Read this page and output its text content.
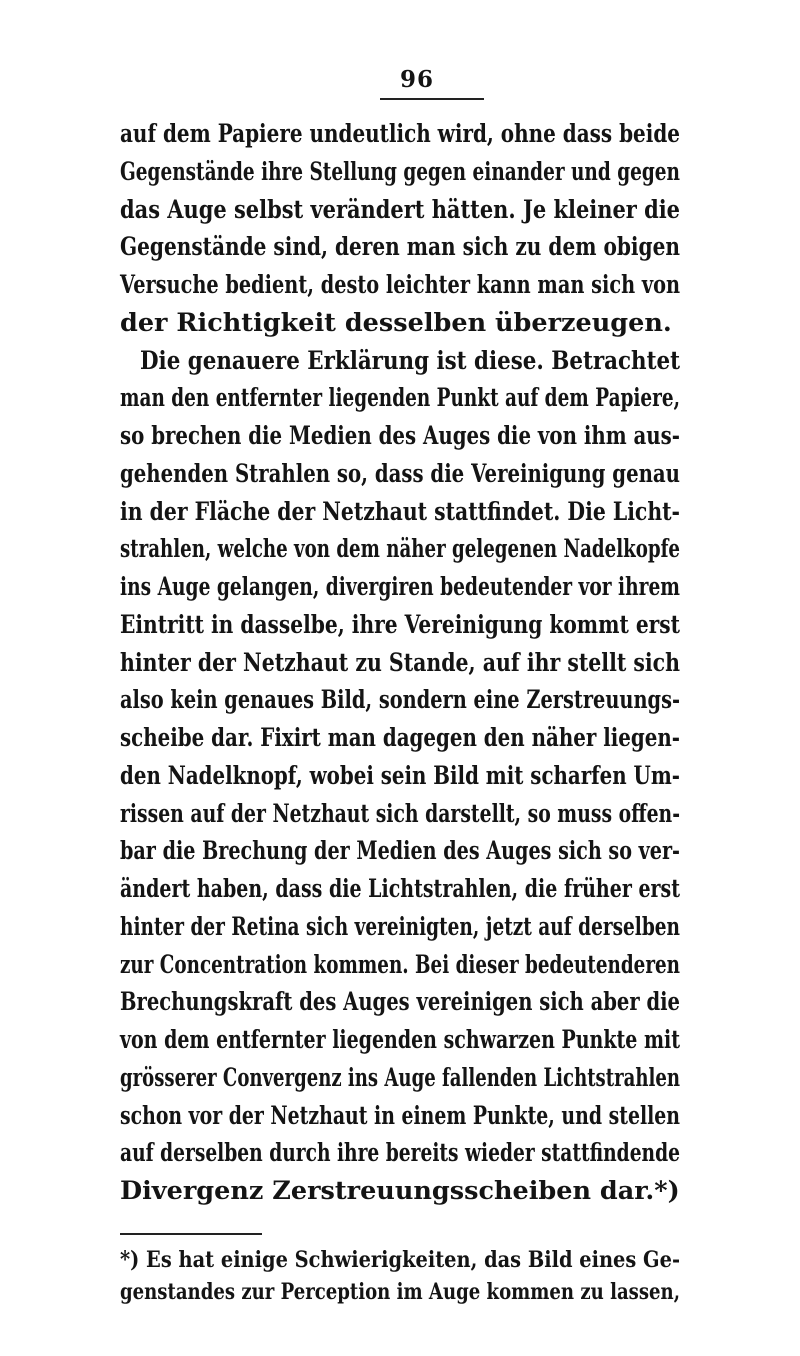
96
auf dem Papiere undeutlich wird, ohne dass beide
Gegenstände ihre Stellung gegen einander und gegen
das Auge selbst verändert hätten. Je kleiner die
Gegenstände sind, deren man sich zu dem obigen
Versuche bedient, desto leichter kann man sich von
der Richtigkeit desselben überzeugen.
Die genauere Erklärung ist diese. Betrachtet
man den entfernter liegenden Punkt auf dem Papiere,
so brechen die Medien des Auges die von ihm aus-
gehenden Strahlen so, dass die Vereinigung genau
in der Fläche der Netzhaut stattfindet. Die Licht-
strahlen, welche von dem näher gelegenen Nadelkopfe
ins Auge gelangen, divergiren bedeutender vor ihrem
Eintritt in dasselbe, ihre Vereinigung kommt erst
hinter der Netzhaut zu Stande, auf ihr stellt sich
also kein genaues Bild, sondern eine Zerstreuungs-
scheibe dar. Fixirt man dagegen den näher liegen-
den Nadelknopf, wobei sein Bild mit scharfen Um-
rissen auf der Netzhaut sich darstellt, so muss offen-
bar die Brechung der Medien des Auges sich so ver-
ändert haben, dass die Lichtstrahlen, die früher erst
hinter der Retina sich vereinigten, jetzt auf derselben
zur Concentration kommen. Bei dieser bedeutenderen
Brechungskraft des Auges vereinigen sich aber die
von dem entfernter liegenden schwarzen Punkte mit
grösserer Convergenz ins Auge fallenden Lichtstrahlen
schon vor der Netzhaut in einem Punkte, und stellen
auf derselben durch ihre bereits wieder stattfindende
Divergenz Zerstreuungsscheiben dar.*)
*) Es hat einige Schwierigkeiten, das Bild eines Ge-
genstandes zur Perception im Auge kommen zu lassen,
